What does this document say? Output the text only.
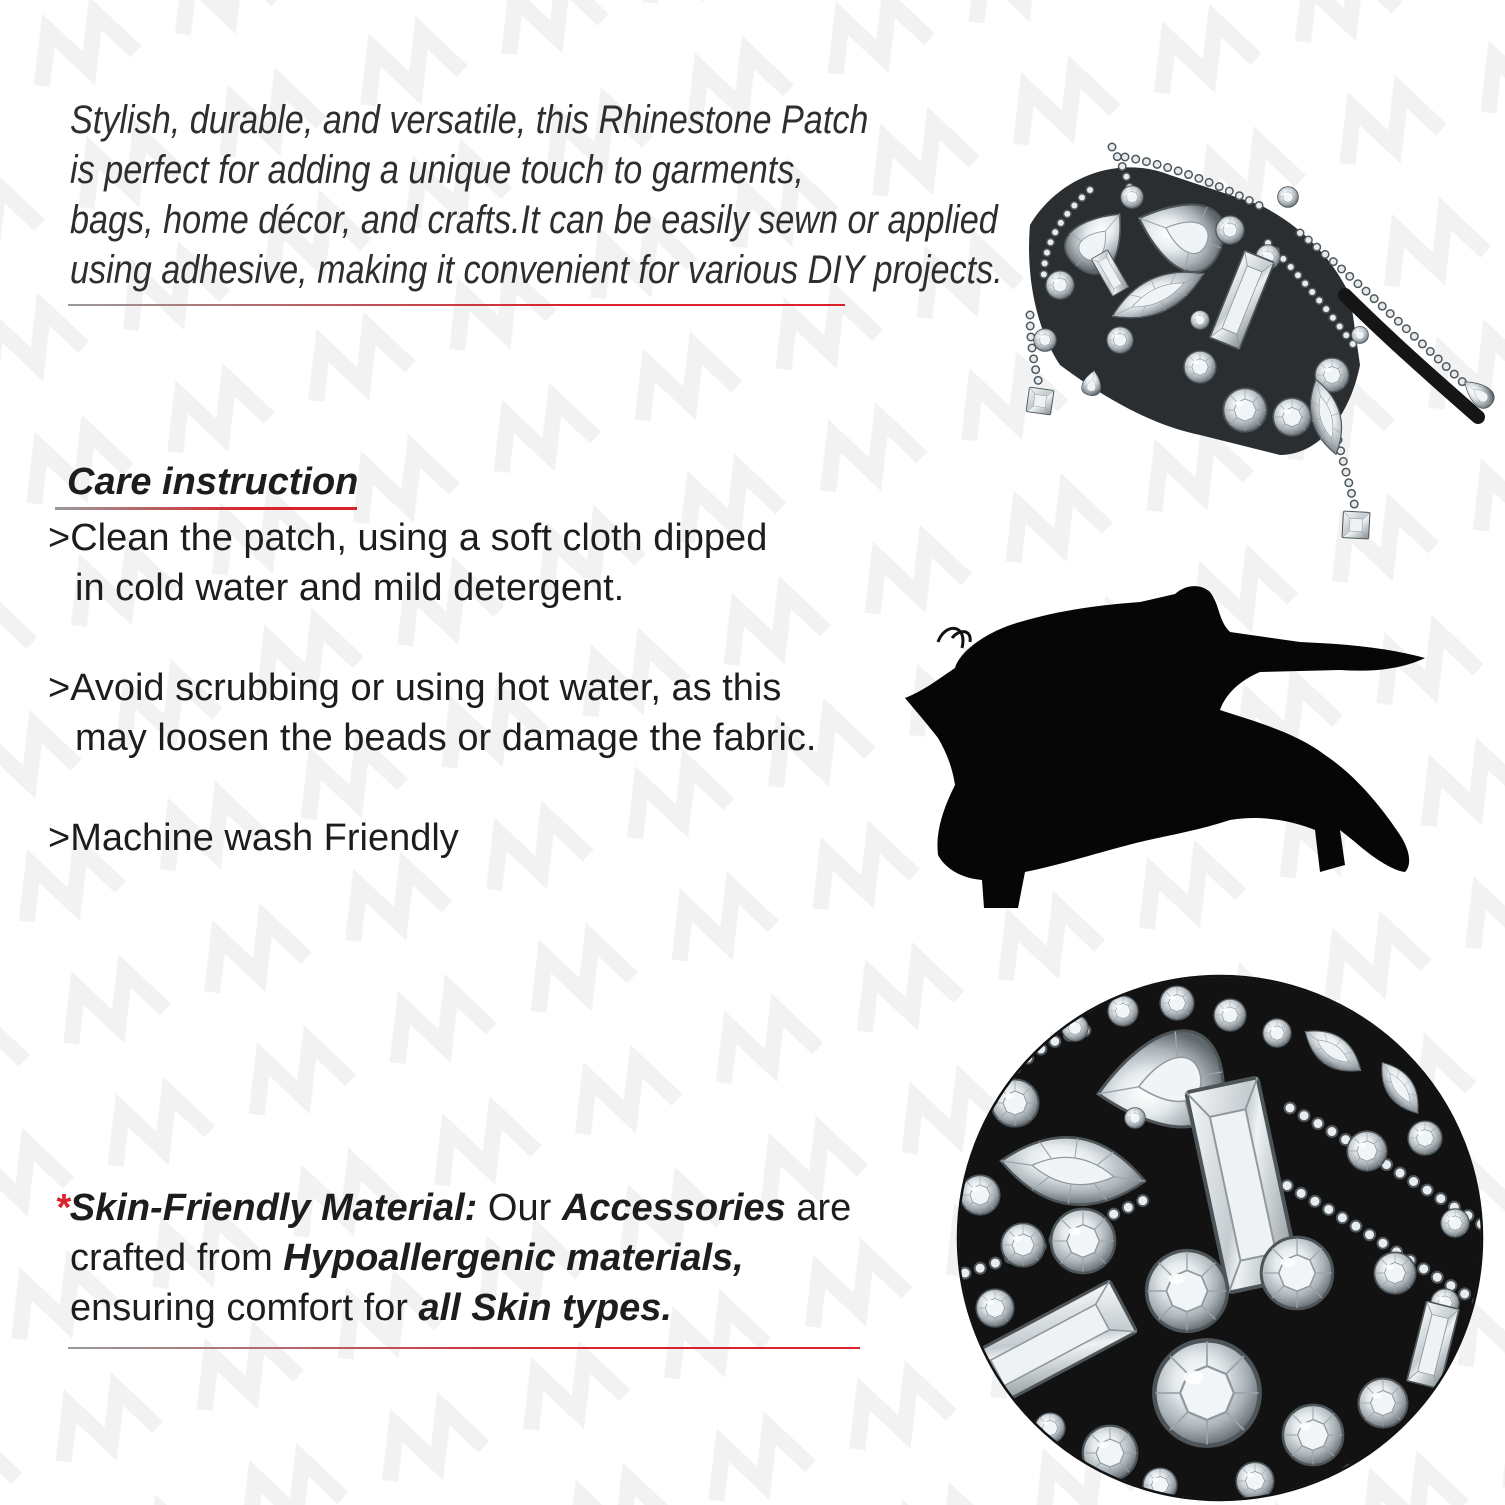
Stylish, durable, and versatile, this Rhinestone Patch
is perfect for adding a unique touch to garments,
bags, home décor, and crafts.It can be easily sewn or applied
using adhesive, making it convenient for various DIY projects.
Care instruction
>Clean the patch, using a soft cloth dipped
in cold water and mild detergent.
>Avoid scrubbing or using hot water, as this
may loosen the beads or damage the fabric.
>Machine wash Friendly
* Skin-Friendly Material: Our Accessories are
crafted from Hypoallergenic materials,
ensuring comfort for all Skin types.
